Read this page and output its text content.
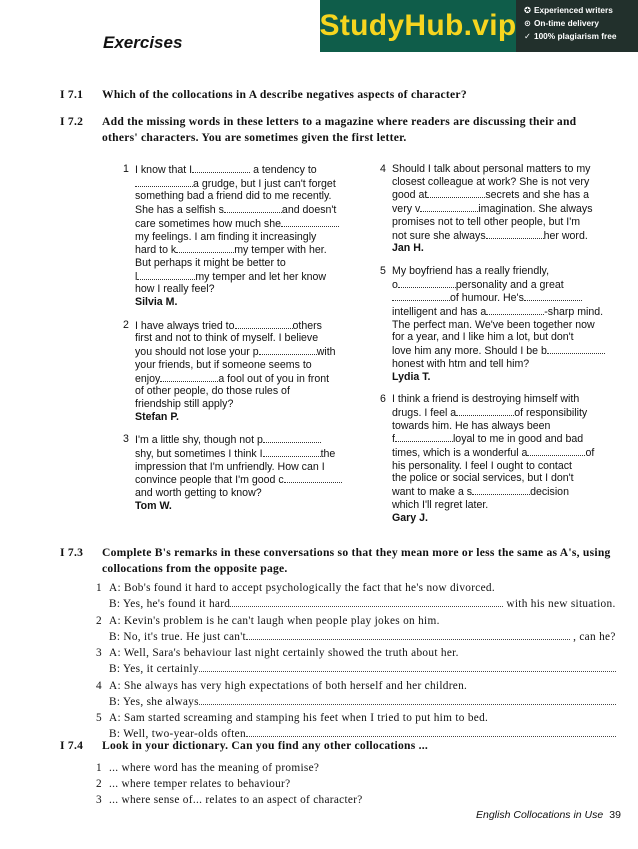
Exercises
StudyHub.vip ✪ Experienced writers
⊙ On-time delivery
✓ 100% plagiarism free
I 7.1 Which of the collocations in A describe negatives aspects of character?
I 7.2 Add the missing words in these letters to a magazine where readers are discussing their and others' characters. You are sometimes given the first letter.
1 I know that I	a tendency to
a grudge, but I just can't forget
something bad a friend did to me recently.
She has a selfish s	and doesn't
care sometimes how much she
my feelings. I am finding it increasingly
hard to k	my temper with her.
But perhaps it might be better to
l	my temper and let her know
how I really feel?
Silvia M.
2 I have always tried to	others
first and not to think of myself. I believe
you should not lose your p	with
your friends, but if someone seems to
enjoy	a fool out of you in front
of other people, do those rules of
friendship still apply?
Stefan P.
3 I'm a little shy, though not p
shy, but sometimes I think I	the
impression that I'm unfriendly. How can I
convince people that I'm good c
and worth getting to know?
Tom W.
4 Should I talk about personal matters to my
closest colleague at work? She is not very
good at	secrets and she has a
very v	imagination. She always
promises not to tell other people, but I'm
not sure she always	her word.
Jan H.
5 My boyfriend has a really friendly,
o	personality and a great
of humour. He's
intelligent and has a	-sharp mind.
The perfect man. We've been together now
for a year, and I like him a lot, but don't
love him any more. Should I be b
honest with htm and tell him?
Lydia T.
6 I think a friend is destroying himself with
drugs. I feel a	of responsibility
towards him. He has always been
f	loyal to me in good and bad
times, which is a wonderful a	of
his personality. I feel I ought to contact
the police or social services, but I don't
want to make a s	decision
which I'll regret later.
Gary J.
I 7.3 Complete B's remarks in these conversations so that they mean more or less the same as A's, using collocations from the opposite page.
1 A: Bob's found it hard to accept psychologically the fact that he's now divorced.
B: Yes, he's found it hard	with his new situation.
2 A: Kevin's problem is he can't laugh when people play jokes on him.
B: No, it's true. He just can't	, can he?
3 A: Well, Sara's behaviour last night certainly showed the truth about her.
B: Yes, it certainly
4 A: She always has very high expectations of both herself and her children.
B: Yes, she always
5 A: Sam started screaming and stamping his feet when I tried to put him to bed.
B: Well, two-year-olds often
I 7.4 Look in your dictionary. Can you find any other collocations ...
1 ... where word has the meaning of promise?
2 ... where temper relates to behaviour?
3 ... where sense of... relates to an aspect of character?
English Collocations in Use 39
